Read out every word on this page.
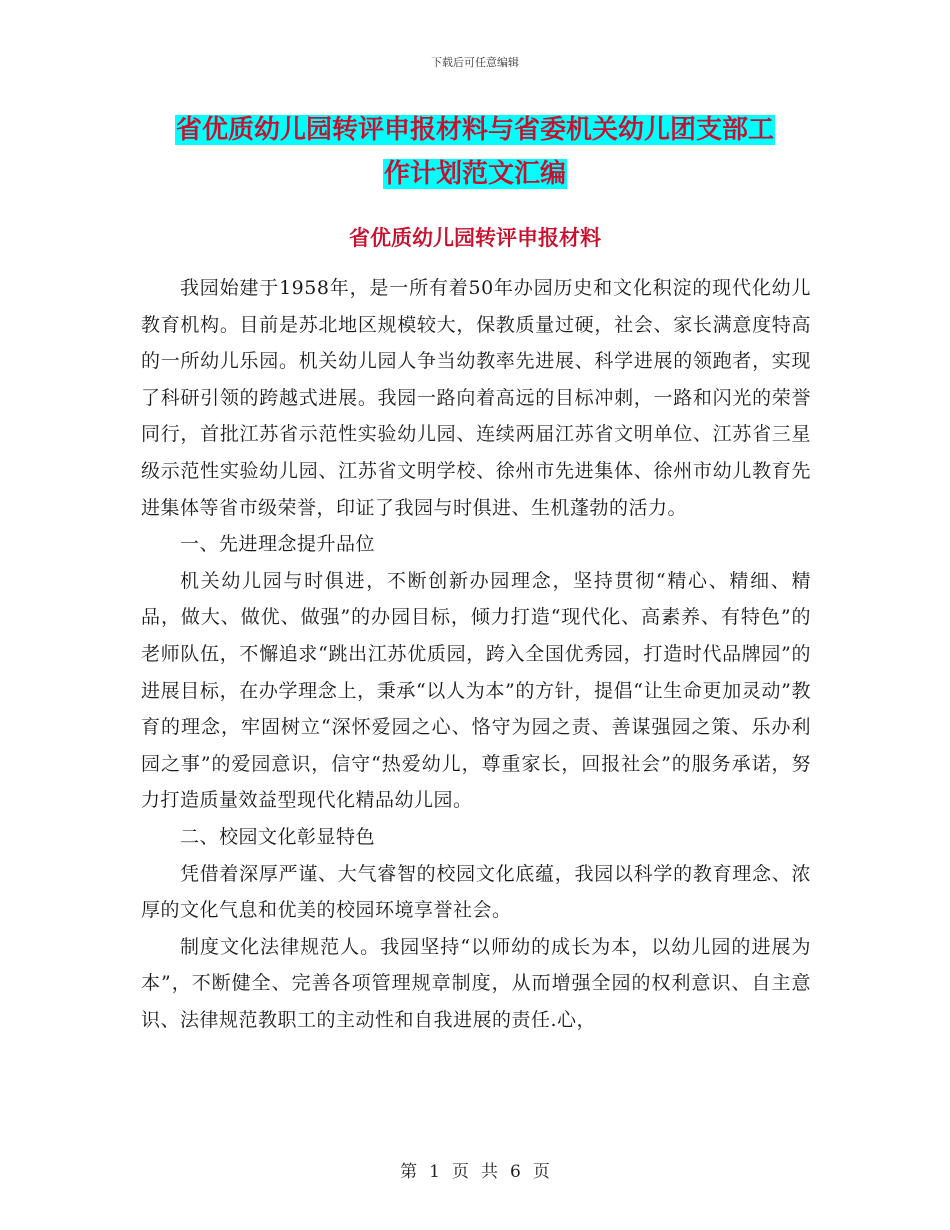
下载后可任意编辑
省优质幼儿园转评申报材料与省委机关幼儿团支部工
作计划范文汇编
省优质幼儿园转评申报材料

我园始建于1958年，是一所有着50年办园历史和文化积淀的现代化幼儿教育机构。目前是苏北地区规模较大，保教质量过硬，社会、家长满意度特高的一所幼儿乐园。机关幼儿园人争当幼教率先进展、科学进展的领跑者，实现了科研引领的跨越式进展。我园一路向着高远的目标冲刺，一路和闪光的荣誉同行，首批江苏省示范性实验幼儿园、连续两届江苏省文明单位、江苏省三星级示范性实验幼儿园、江苏省文明学校、徐州市先进集体、徐州市幼儿教育先进集体等省市级荣誉，印证了我园与时俱进、生机蓬勃的活力。

一、先进理念提升品位

机关幼儿园与时俱进，不断创新办园理念，坚持贯彻“精心、精细、精品，做大、做优、做强”的办园目标，倾力打造“现代化、高素养、有特色”的老师队伍，不懈追求“跳出江苏优质园，跨入全国优秀园，打造时代品牌园”的进展目标，在办学理念上，秉承“以人为本”的方针，提倡“让生命更加灵动”教育的理念，牢固树立“深怀爱园之心、恪守为园之责、善谋强园之策、乐办利园之事”的爱园意识，信守“热爱幼儿，尊重家长，回报社会”的服务承诺，努力打造质量效益型现代化精品幼儿园。

二、校园文化彰显特色

凭借着深厚严谨、大气睿智的校园文化底蕴，我园以科学的教育理念、浓厚的文化气息和优美的校园环境享誉社会。

制度文化法律规范人。我园坚持“以师幼的成长为本，以幼儿园的进展为本”，不断健全、完善各项管理规章制度，从而增强全园的权利意识、自主意识、法律规范教职工的主动性和自我进展的责任.心，

第 1 页 共 6 页
